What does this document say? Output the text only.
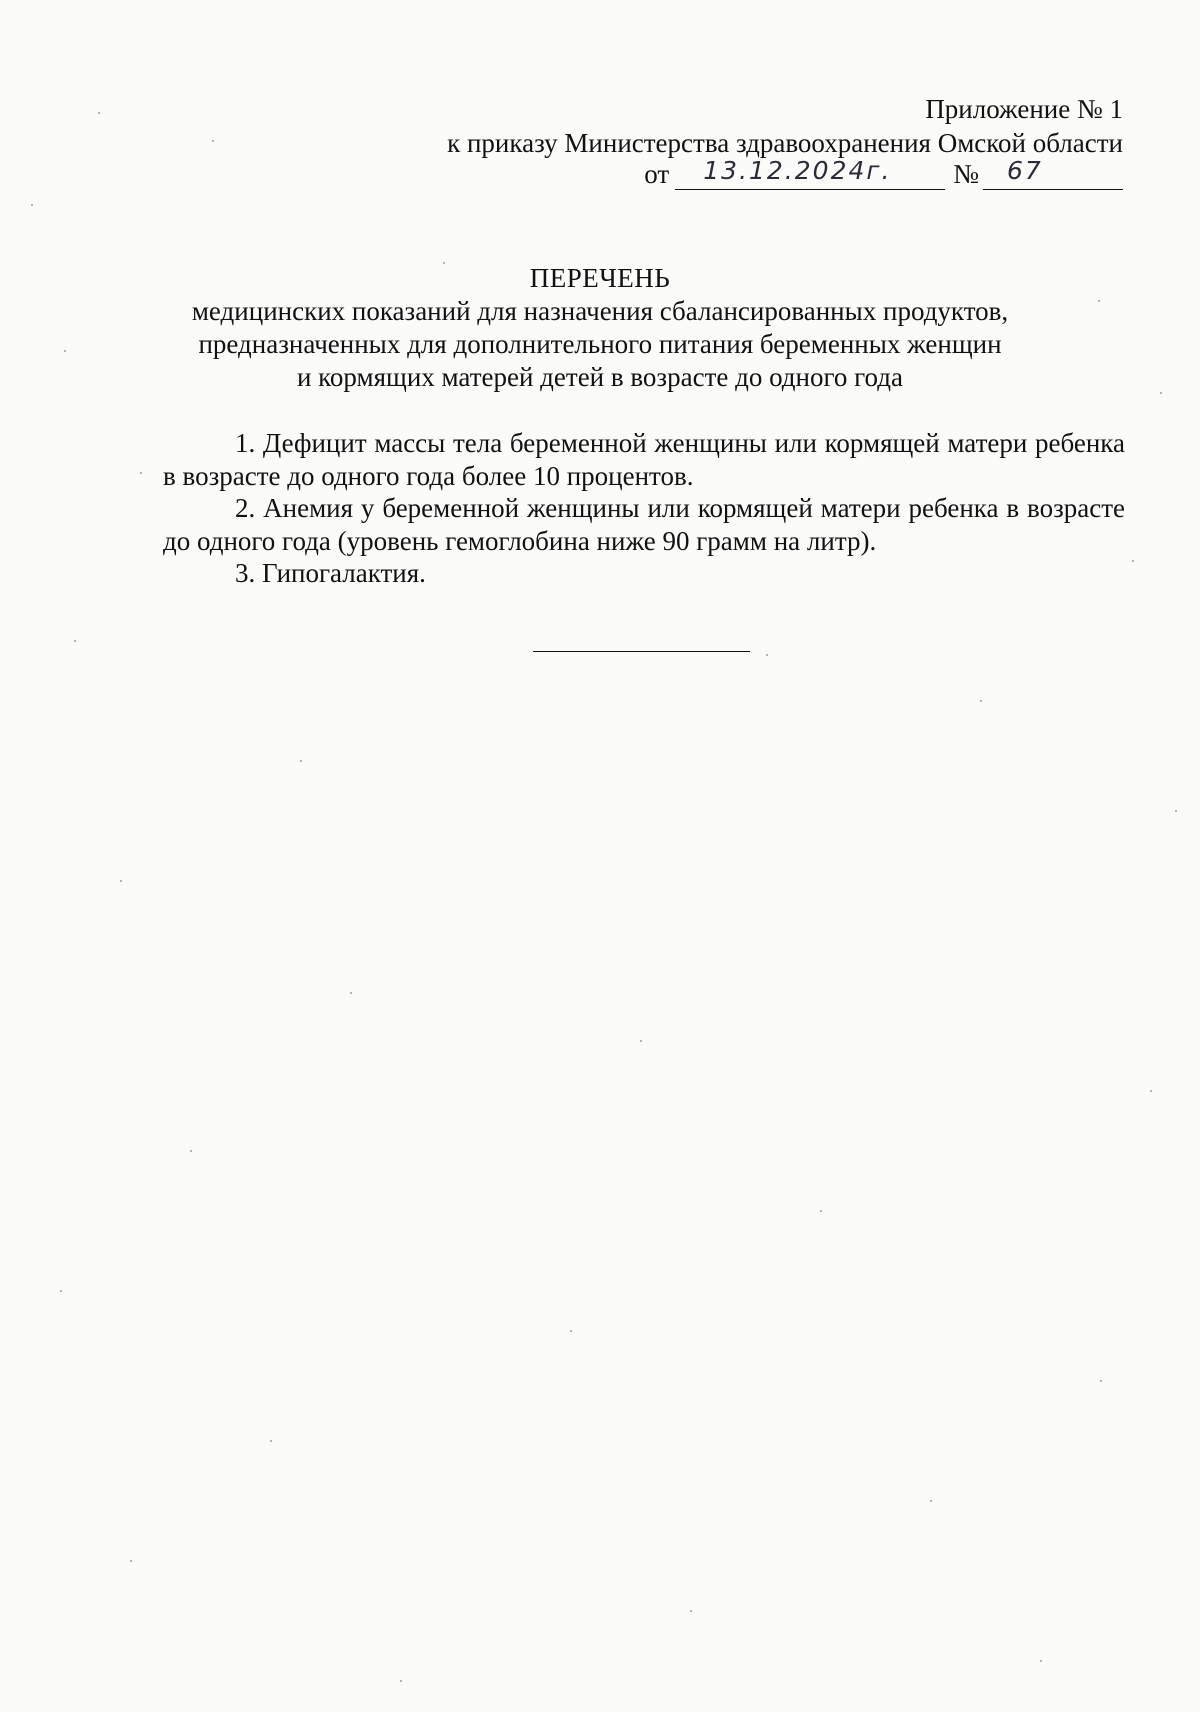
Приложение № 1
к приказу Министерства здравоохранения Омской области
от 13.12.2024г. № 67
ПЕРЕЧЕНЬ
медицинских показаний для назначения сбалансированных продуктов,
предназначенных для дополнительного питания беременных женщин
и кормящих матерей детей в возрасте до одного года

1. Дефицит массы тела беременной женщины или кормящей матери ребенка в возрасте до одного года более 10 процентов.

2. Анемия у беременной женщины или кормящей матери ребенка в возрасте до одного года (уровень гемоглобина ниже 90 грамм на литр).

3. Гипогалактия.
